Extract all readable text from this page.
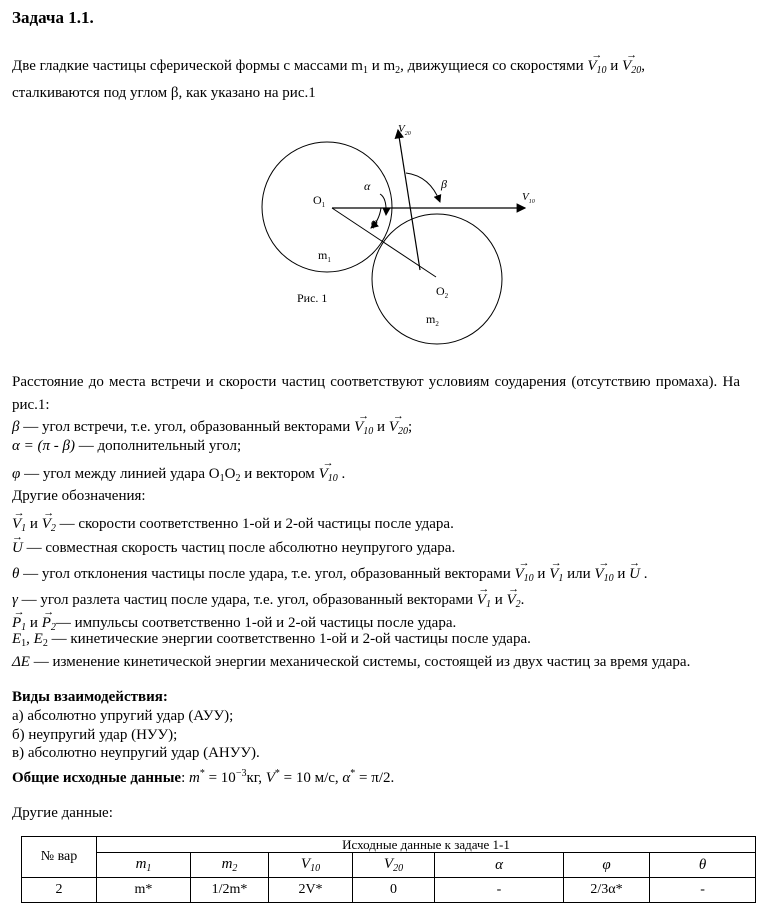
Задача 1.1.
Две гладкие частицы сферической формы с массами $m_1$ и $m_2$, движущиеся со скоростями → $V_{10}$ $и \to V_{20}$,
сталкиваются под углом β, как указано на рис.1
$V_{20}$
$V_{10}$
$O_1$
$O_2$
$m_1$
$m_2$
α	β
φ
Рис. 1
Расстояние до места встречи и скорости частиц соответствуют условиям соударения (отсутствию промаха). На рис.1:
β — угол встречи, т.е. угол, образованный векторами → $V_{10}$ $и \to V_{20}$;
α = (π - β) — дополнительный угол;
φ — угол между линией удара $O_1O_2$ и вектором → $V_{10}$ .
Другие обозначения:
→ $V_1$ $и \to V_2$ — скорости соответственно 1-ой и 2-ой частицы после удара.
→ U — совместная скорость частиц после абсолютно неупругого удара.
θ — угол отклонения частицы после удара, т.е. угол, образованный векторами → $V_{10}$ $и \to V_1$ или → $V_{10}$ и → U .
γ — угол разлета частиц после удара, т.е. угол, образованный векторами → $V_1$ $и \to V_2$.
→ $P_1$ $и \to P_2—$ импульсы соответственно 1-ой и 2-ой частицы после удара.
$E_1$, $E_2$ — кинетические энергии соответственно 1-ой и 2-ой частицы после удара.
ΔE — изменение кинетической энергии механической системы, состоящей из двух частиц за время удара.
Виды взаимодействия:
а) абсолютно упругий удар (АУУ);
б) неупругий удар (НУУ);
в) абсолютно неупругий удар (АНУУ).
Общие исходные данные: $m^* = 10^{-3}кг$, V* = 10 м/с, α* = π/2.
Другие данные:
№ вар	Исходные данные к задаче 1-1						
	$m_1$	$m_2$	$V_{10}$	$V_{20}$	α	φ	θ
2	m*	1/2m*	2V*	0	-	2/3α*	-
